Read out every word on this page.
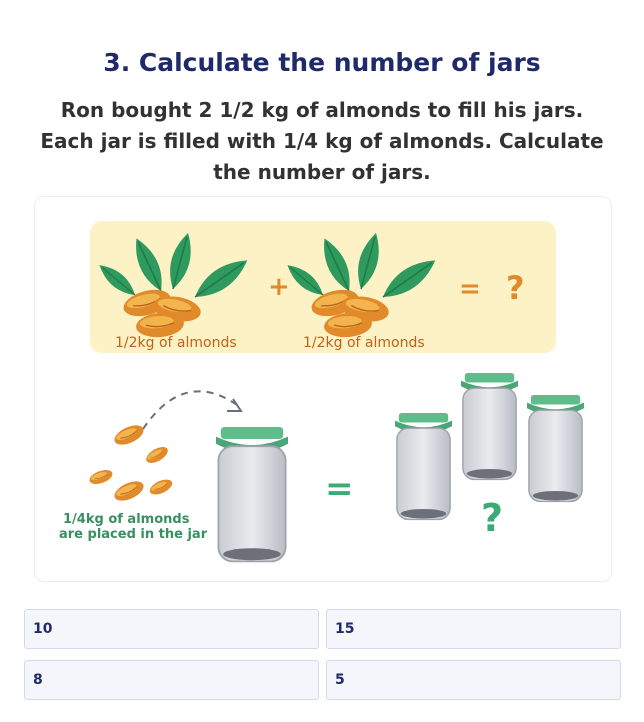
3. Calculate the number of jars
Ron bought 2 1/2 kg of almonds to fill his jars. Each jar is filled with 1/4 kg of almonds. Calculate the number of jars.
+	= ?
1/2kg of almonds	1/2kg of almonds
1/4kg of almonds
are placed in the jar
=
?
10	15
8	5
